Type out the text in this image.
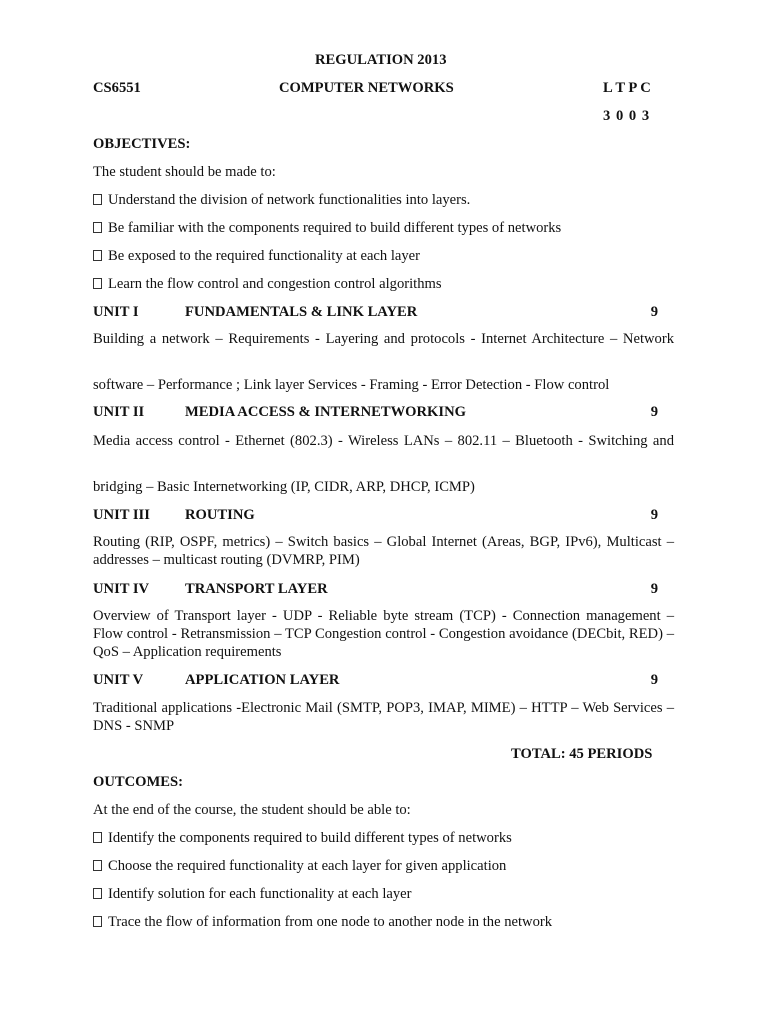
REGULATION 2013
CS6551	COMPUTER NETWORKS	L T P C
3 0 0 3
OBJECTIVES:
The student should be made to:
Understand the division of network functionalities into layers.
Be familiar with the components required to build different types of networks
Be exposed to the required functionality at each layer
Learn the flow control and congestion control algorithms
UNIT I	FUNDAMENTALS & LINK LAYER	9
Building a network – Requirements - Layering and protocols - Internet Architecture – Network
software – Performance ; Link layer Services - Framing - Error Detection - Flow control
UNIT II	MEDIA ACCESS & INTERNETWORKING	9
Media access control - Ethernet (802.3) - Wireless LANs – 802.11 – Bluetooth - Switching and
bridging – Basic Internetworking (IP, CIDR, ARP, DHCP, ICMP)
UNIT III ROUTING	9
Routing (RIP, OSPF, metrics) – Switch basics – Global Internet (Areas, BGP, IPv6), Multicast – addresses – multicast routing (DVMRP, PIM)
UNIT IV TRANSPORT LAYER	9
Overview of Transport layer - UDP - Reliable byte stream (TCP) - Connection management – Flow control - Retransmission – TCP Congestion control - Congestion avoidance (DECbit, RED) – QoS – Application requirements
UNIT V	APPLICATION LAYER	9
Traditional applications -Electronic Mail (SMTP, POP3, IMAP, MIME) – HTTP – Web Services – DNS - SNMP
TOTAL: 45 PERIODS
OUTCOMES:
At the end of the course, the student should be able to:
Identify the components required to build different types of networks
Choose the required functionality at each layer for given application
Identify solution for each functionality at each layer
Trace the flow of information from one node to another node in the network
